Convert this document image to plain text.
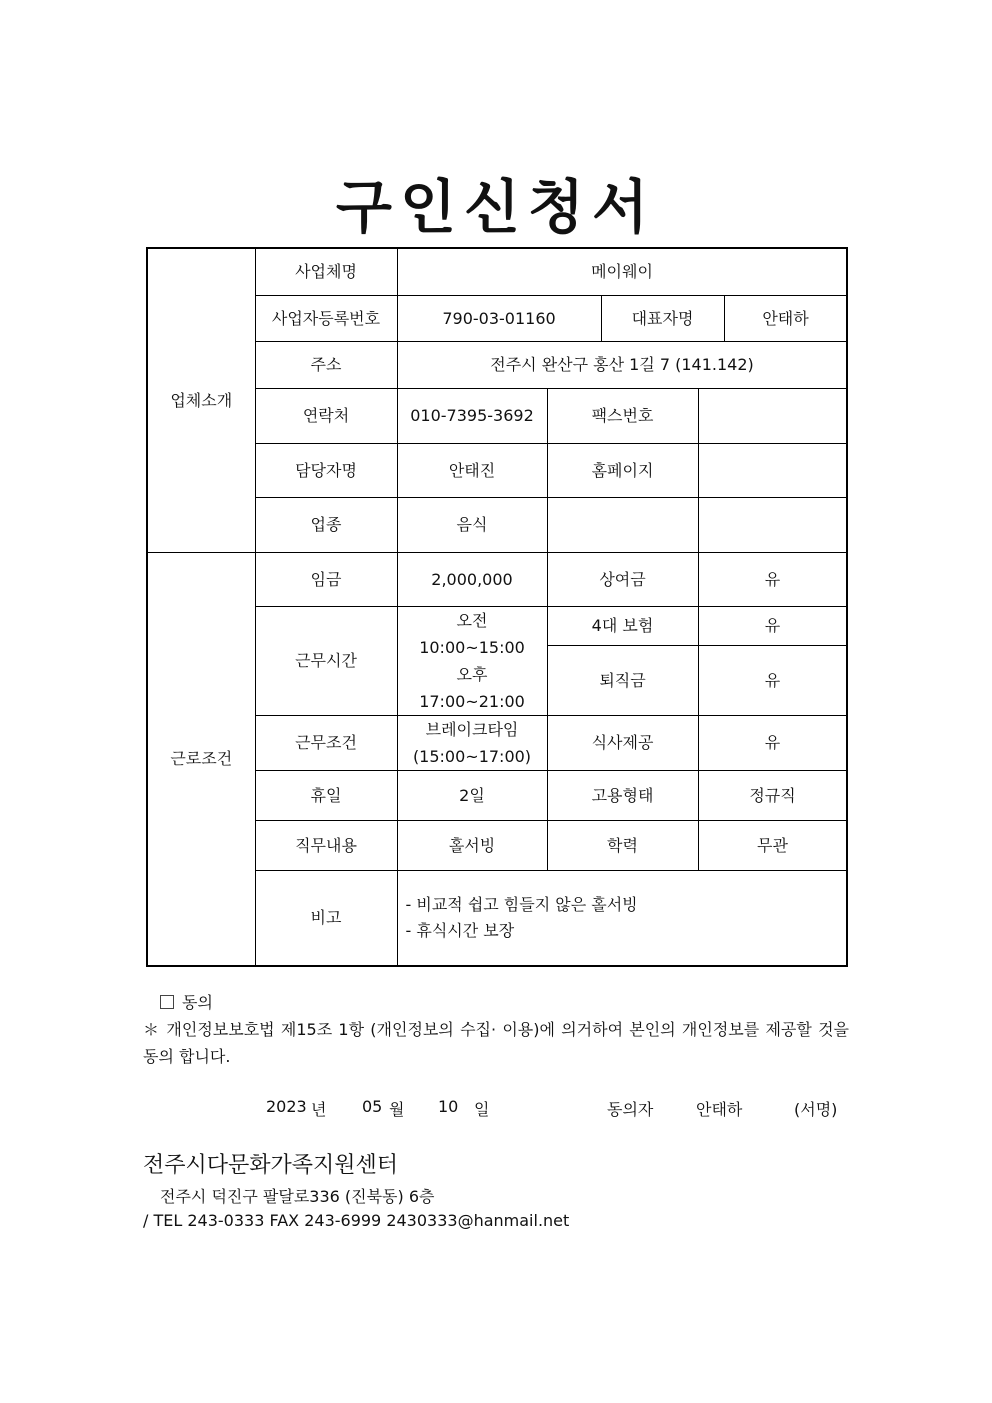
구인신청서
업체소개	사업체명	메이웨이				
	사업자등록번호	790-03-01160		대표자명		안태하
	주소	전주시 완산구 홍산 1길 7 (141.142)				
	연락처	010-7395-3692	팩스번호			
	담당자명	안태진	홈페이지			
	업종	음식				
근로조건	임금	2,000,000	상여금		유	
	근무시간	오전
10:00~15:00
오후
17:00~21:00	4대 보험		유	
			퇴직금		유	
	근무조건	브레이크타임
(15:00~17:00)	식사제공		유	
	휴일	2일	고용형태		정규직	
	직무내용	홀서빙	학력		무관	
	비고	- 비교적 쉽고 힘들지 않은 홀서빙
- 휴식시간 보장				
동의
＊ 개인정보보호법 제15조 1항 (개인정보의 수집· 이용)에 의거하여 본인의 개인정보를 제공할 것을 동의 합니다.
2023 년 05 월 10 일	동의자	안태하	(서명)
전주시다문화가족지원센터
전주시 덕진구 팔달로336 (진북동) 6층
/ TEL 243-0333 FAX 243-6999 2430333@hanmail.net
